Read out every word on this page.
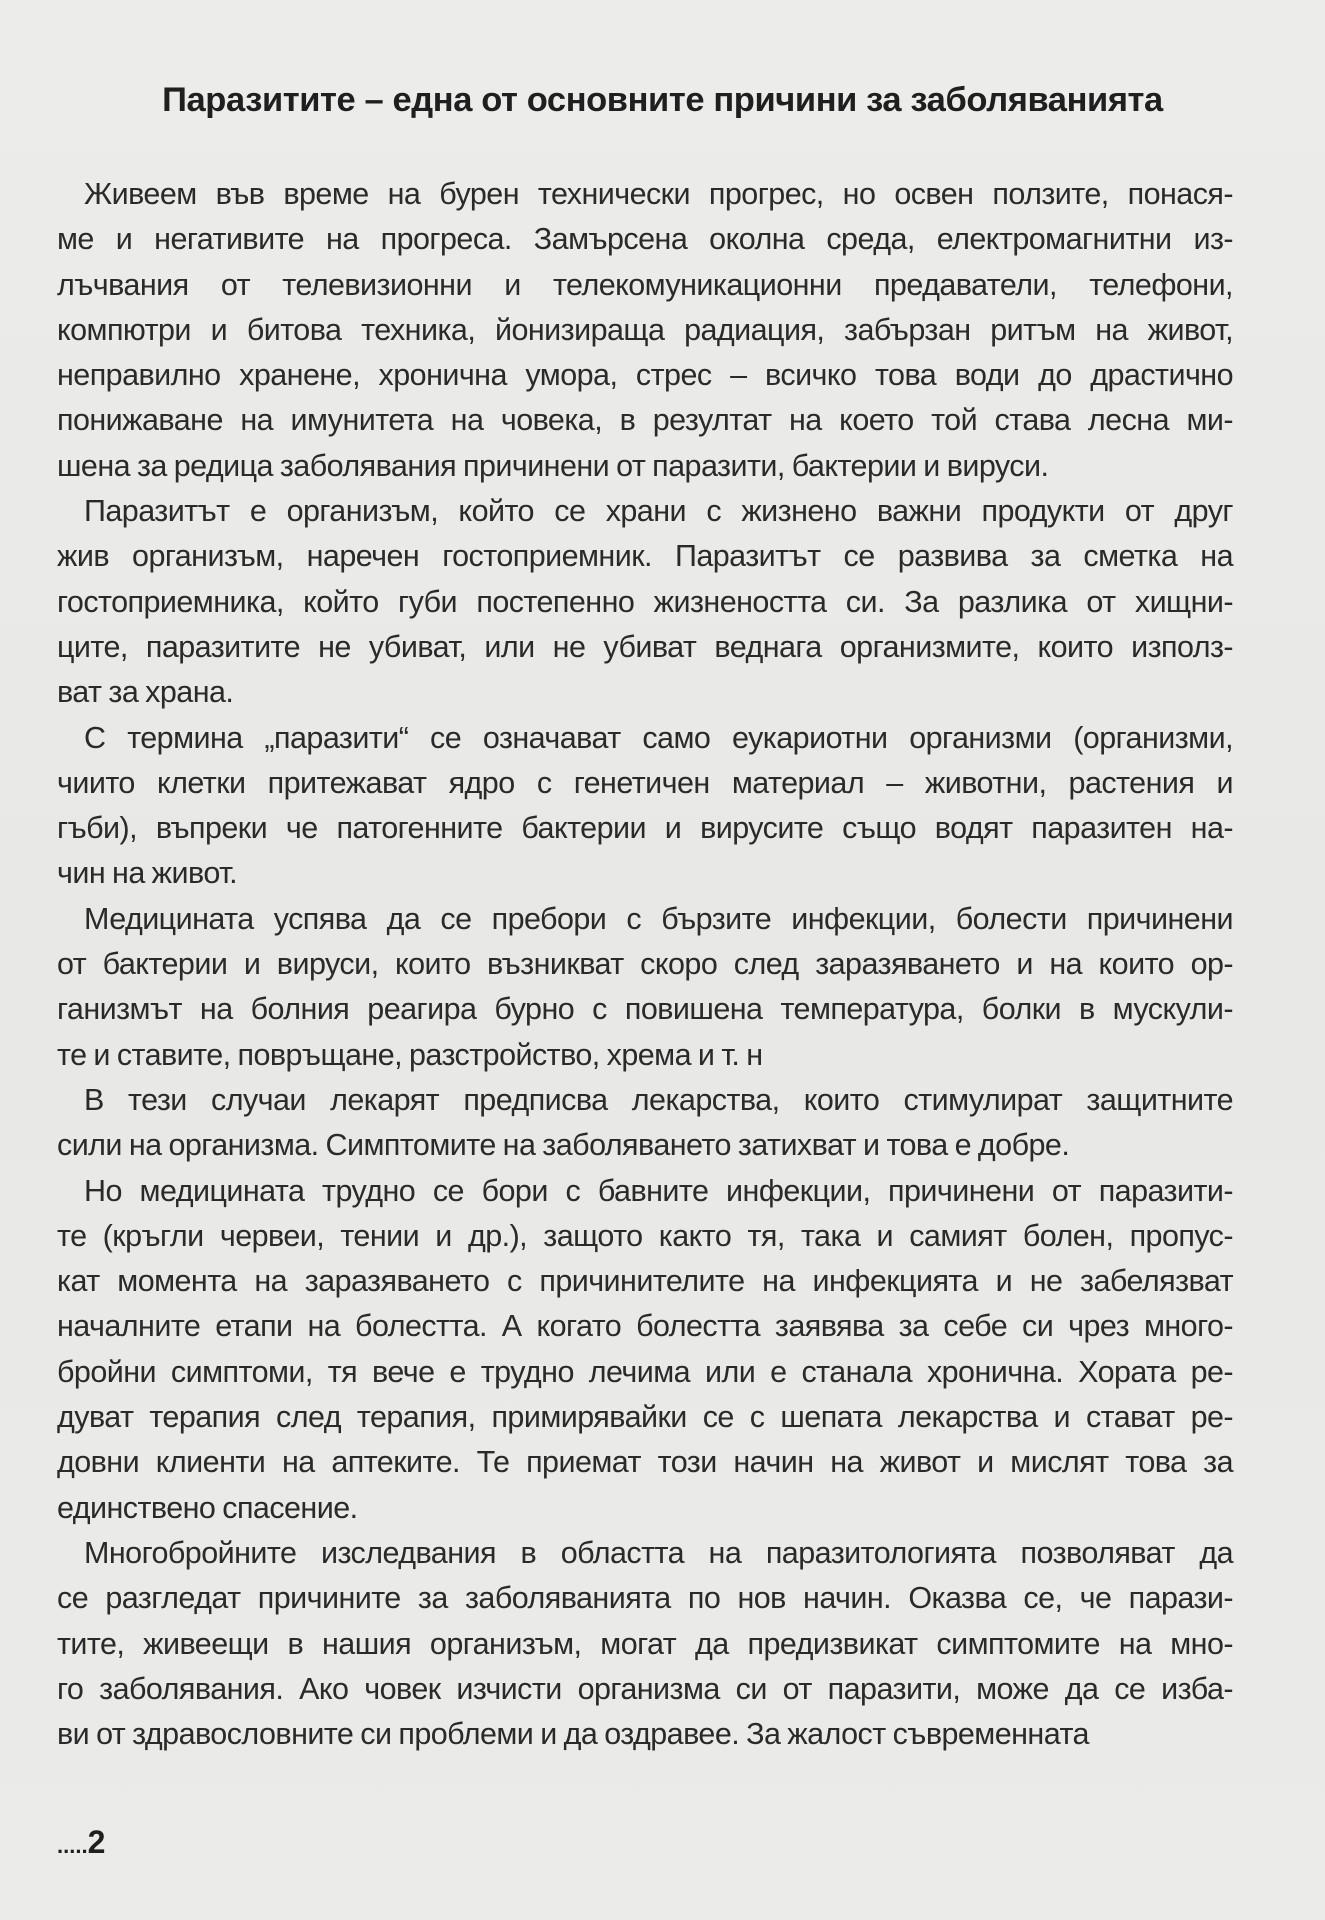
Паразитите – една от основните причини за заболяванията

Живеем във време на бурен технически прогрес, но освен ползите, понася-
ме и негативите на прогреса. Замърсена околна среда, електромагнитни из-
лъчвания от телевизионни и телекомуникационни предаватели, телефони,
компютри и битова техника, йонизираща радиация, забързан ритъм на живот,
неправилно хранене, хронична умора, стрес – всичко това води до драстично
понижаване на имунитета на човека, в резултат на което той става лесна ми-
шена за редица заболявания причинени от паразити, бактерии и вируси.

Паразитът е организъм, който се храни с жизнено важни продукти от друг
жив организъм, наречен гостоприемник. Паразитът се развива за сметка на
гостоприемника, който губи постепенно жизнеността си. За разлика от хищни-
ците, паразитите не убиват, или не убиват веднага организмите, които използ-
ват за храна.

С термина „паразити“ се означават само еукариотни организми (организми,
чиито клетки притежават ядро с генетичен материал – животни, растения и
гъби), въпреки че патогенните бактерии и вирусите също водят паразитен на-
чин на живот.

Медицината успява да се пребори с бързите инфекции, болести причинени
от бактерии и вируси, които възникват скоро след заразяването и на които ор-
ганизмът на болния реагира бурно с повишена температура, болки в мускули-
те и ставите, повръщане, разстройство, хрема и т. н

В тези случаи лекарят предписва лекарства, които стимулират защитните
сили на организма. Симптомите на заболяването затихват и това е добре.

Но медицината трудно се бори с бавните инфекции, причинени от паразити-
те (кръгли червеи, тении и др.), защото както тя, така и самият болен, пропус-
кат момента на заразяването с причинителите на инфекцията и не забелязват
началните етапи на болестта. А когато болестта заявява за себе си чрез много-
бройни симптоми, тя вече е трудно лечима или е станала хронична. Хората ре-
дуват терапия след терапия, примирявайки се с шепата лекарства и стават ре-
довни клиенти на аптеките. Те приемат този начин на живот и мислят това за
единствено спасение.

Многобройните изследвания в областта на паразитологията позволяват да
се разгледат причините за заболяванията по нов начин. Оказва се, че парази-
тите, живеещи в нашия организъм, могат да предизвикат симптомите на мно-
го заболявания. Ако човек изчисти организма си от паразити, може да се изба-
ви от здравословните си проблеми и да оздравее. За жалост съвременната

.....2
